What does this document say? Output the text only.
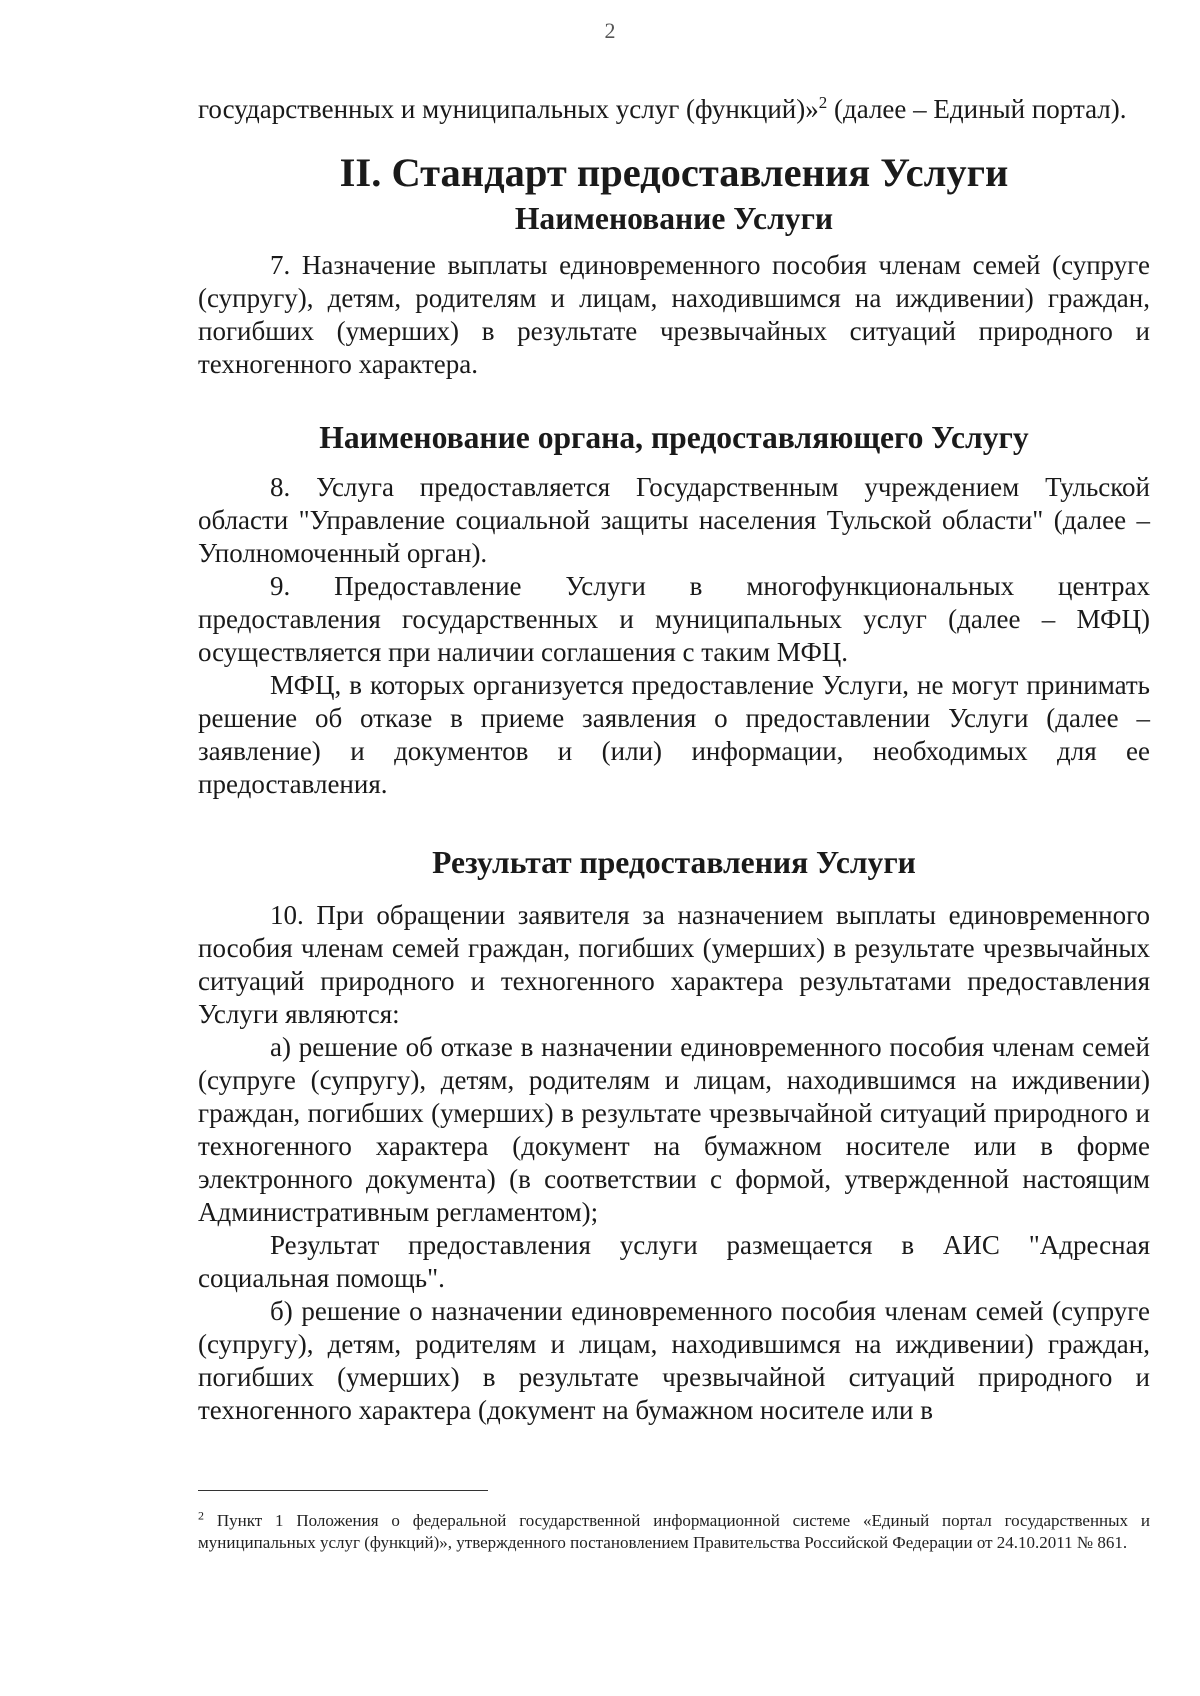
2

государственных и муниципальных услуг (функций)»$^2$ (далее – Единый портал).

II. Стандарт предоставления Услуги
Наименование Услуги

7. Назначение выплаты единовременного пособия членам семей (супруге (супругу), детям, родителям и лицам, находившимся на иждивении) граждан, погибших (умерших) в результате чрезвычайных ситуаций природного и техногенного характера.

Наименование органа, предоставляющего Услугу

8. Услуга предоставляется Государственным учреждением Тульской области "Управление социальной защиты населения Тульской области" (далее – Уполномоченный орган).

9. Предоставление Услуги в многофункциональных центрах предоставления государственных и муниципальных услуг (далее – МФЦ) осуществляется при наличии соглашения с таким МФЦ.

МФЦ, в которых организуется предоставление Услуги, не могут принимать решение об отказе в приеме заявления о предоставлении Услуги (далее – заявление) и документов и (или) информации, необходимых для ее предоставления.

Результат предоставления Услуги

10. При обращении заявителя за назначением выплаты единовременного пособия членам семей граждан, погибших (умерших) в результате чрезвычайных ситуаций природного и техногенного характера результатами предоставления Услуги являются:

а) решение об отказе в назначении единовременного пособия членам семей (супруге (супругу), детям, родителям и лицам, находившимся на иждивении) граждан, погибших (умерших) в результате чрезвычайной ситуаций природного и техногенного характера (документ на бумажном носителе или в форме электронного документа) (в соответствии с формой, утвержденной настоящим Административным регламентом);

Результат предоставления услуги размещается в АИС "Адресная социальная помощь".

б) решение о назначении единовременного пособия членам семей (супруге (супругу), детям, родителям и лицам, находившимся на иждивении) граждан, погибших (умерших) в результате чрезвычайной ситуаций природного и техногенного характера (документ на бумажном носителе или в

$^2$ Пункт 1 Положения о федеральной государственной информационной системе «Единый портал государственных и муниципальных услуг (функций)», утвержденного постановлением Правительства Российской Федерации от 24.10.2011 № 861.
